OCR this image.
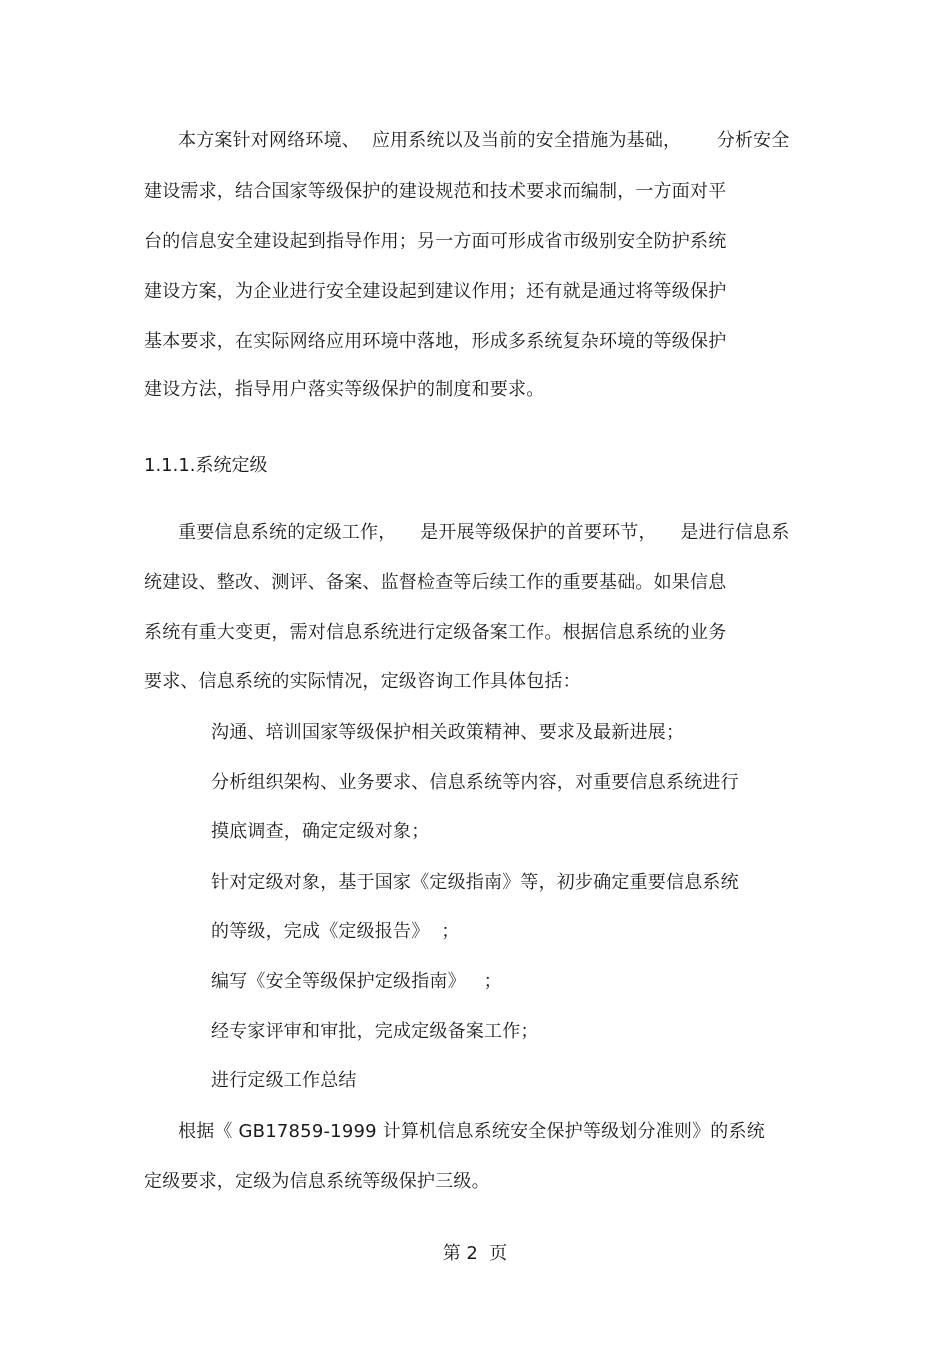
本方案针对网络环境、  应用系统以及当前的安全措施为基础，      分析安全
建设需求，结合国家等级保护的建设规范和技术要求而编制，一方面对平
台的信息安全建设起到指导作用；另一方面可形成省市级别安全防护系统
建设方案，为企业进行安全建设起到建议作用；还有就是通过将等级保护
基本要求，在实际网络应用环境中落地，形成多系统复杂环境的等级保护
建设方法，指导用户落实等级保护的制度和要求。
1.1.1.系统定级
重要信息系统的定级工作，    是开展等级保护的首要环节，    是进行信息系
统建设、整改、测评、备案、监督检查等后续工作的重要基础。如果信息
系统有重大变更，需对信息系统进行定级备案工作。根据信息系统的业务
要求、信息系统的实际情况，定级咨询工作具体包括：
沟通、培训国家等级保护相关政策精神、要求及最新进展；
分析组织架构、业务要求、信息系统等内容，对重要信息系统进行
摸底调查，确定定级对象；
针对定级对象，基于国家《定级指南》等，初步确定重要信息系统
的等级，完成《定级报告》  ；
编写《安全等级保护定级指南》   ；
经专家评审和审批，完成定级备案工作；
进行定级工作总结
根据《 GB17859-1999 计算机信息系统安全保护等级划分准则》的系统
定级要求，定级为信息系统等级保护三级。
第 2  页
